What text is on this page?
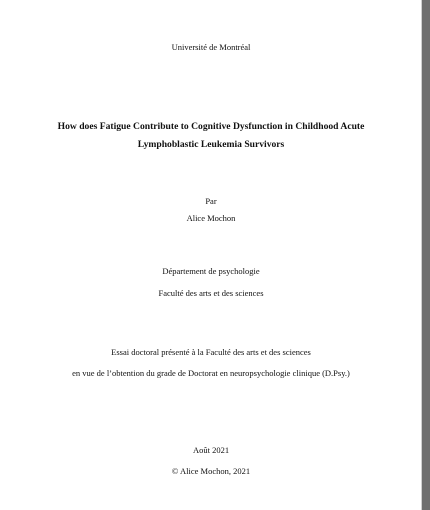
Université de Montréal
How does Fatigue Contribute to Cognitive Dysfunction in Childhood Acute
Lymphoblastic Leukemia Survivors
Par
Alice Mochon
Département de psychologie
Faculté des arts et des sciences
Essai doctoral présenté à la Faculté des arts et des sciences
en vue de l’obtention du grade de Doctorat en neuropsychologie clinique (D.Psy.)
Août 2021
© Alice Mochon, 2021
